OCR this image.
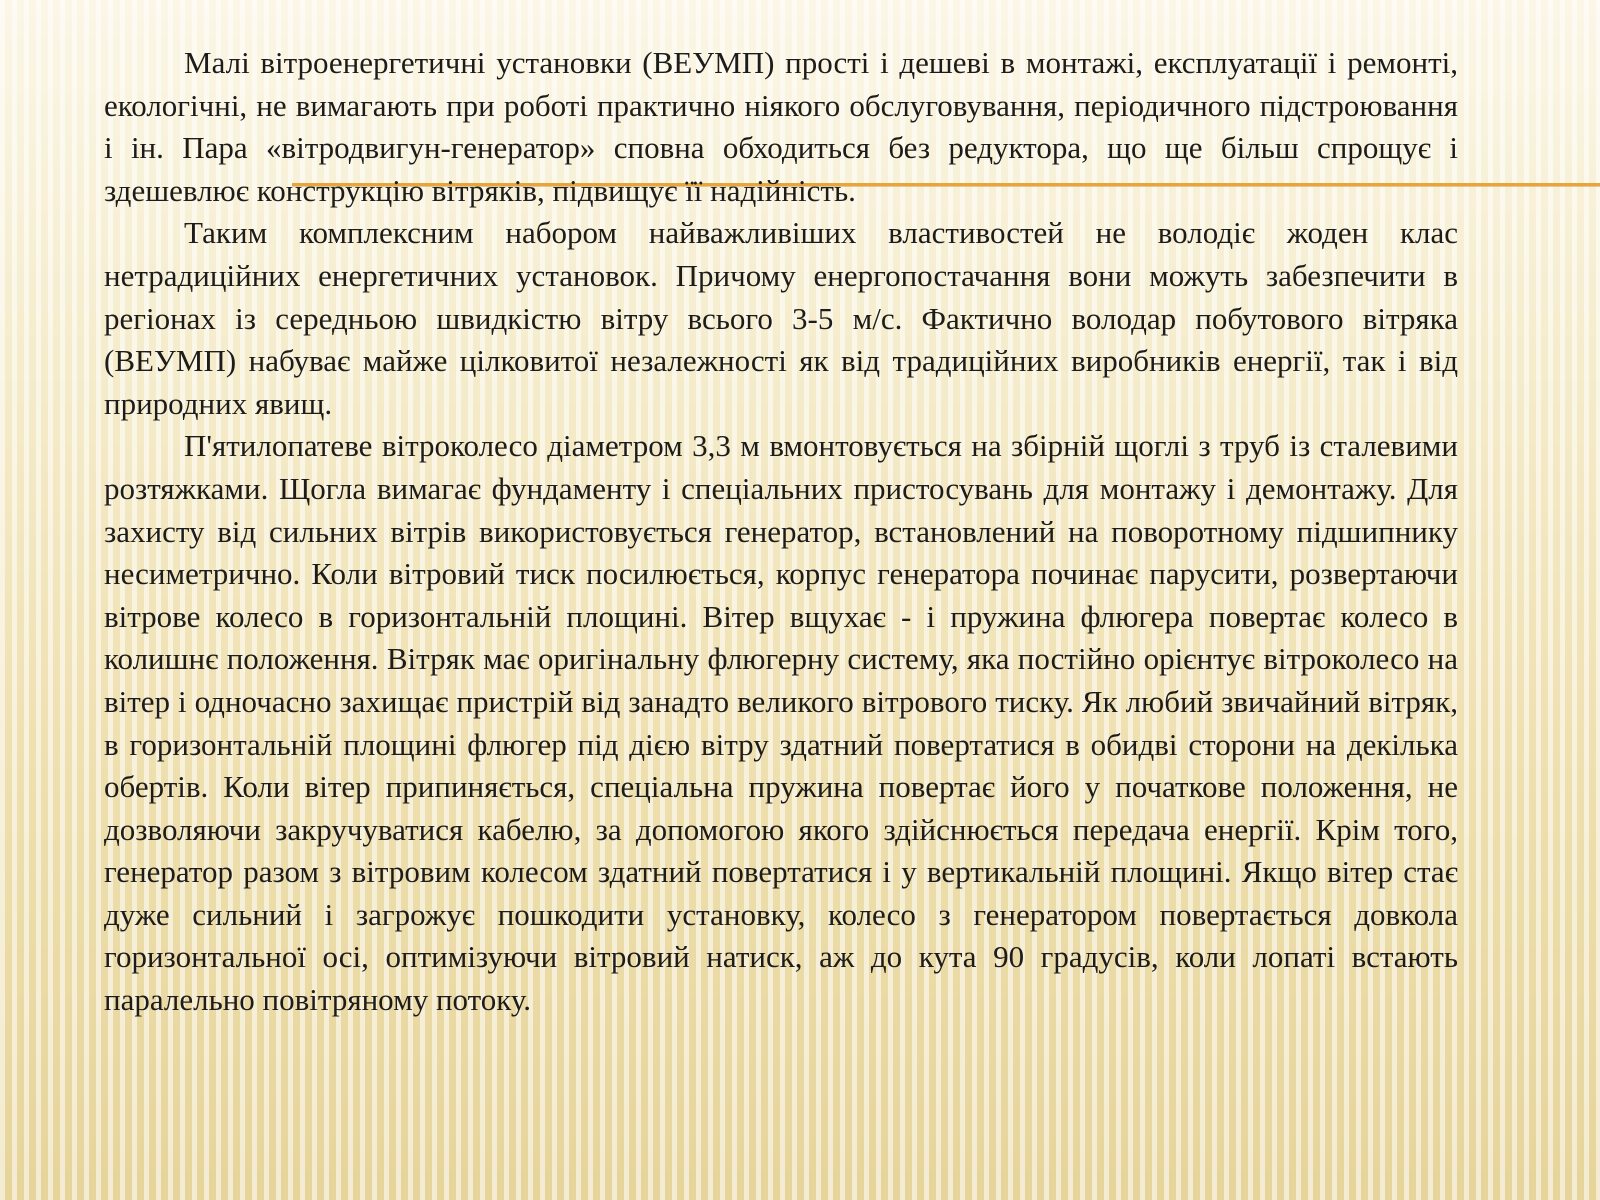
Малі вітроенергетичні установки (ВЕУМП) прості і дешеві в монтажі, експлуатації і ремонті, екологічні, не вимагають при роботі практично ніякого обслуговування, періодичного підстроювання і ін. Пара «вітродвигун-генератор» сповна обходиться без редуктора, що ще більш спрощує і здешевлює конструкцію вітряків, підвищує її надійність.

Таким комплексним набором найважливіших властивостей не володіє жоден клас нетрадиційних енергетичних установок. Причому енергопостачання вони можуть забезпечити в регіонах із середньою швидкістю вітру всього 3-5 м/с. Фактично володар побутового вітряка (ВЕУМП) набуває майже цілковитої незалежності як від традиційних виробників енергії, так і від природних явищ.

П'ятилопатеве вітроколесо діаметром 3,3 м вмонтовується на збірній щоглі з труб із сталевими розтяжками. Щогла вимагає фундаменту і спеціальних пристосувань для монтажу і демонтажу. Для захисту від сильних вітрів використовується генератор, встановлений на поворотному підшипнику несиметрично. Коли вітровий тиск посилюється, корпус генератора починає парусити, розвертаючи вітрове колесо в горизонтальній площині. Вітер вщухає - і пружина флюгера повертає колесо в колишнє положення. Вітряк має оригінальну флюгерну систему, яка постійно орієнтує вітроколесо на вітер і одночасно захищає пристрій від занадто великого вітрового тиску. Як любий звичайний вітряк, в горизонтальній площині флюгер під дією вітру здатний повертатися в обидві сторони на декілька обертів. Коли вітер припиняється, спеціальна пружина повертає його у початкове положення, не дозволяючи закручуватися кабелю, за допомогою якого здійснюється передача енергії. Крім того, генератор разом з вітровим колесом здатний повертатися і у вертикальній площині. Якщо вітер стає дуже сильний і загрожує пошкодити установку, колесо з генератором повертається довкола горизонтальної осі, оптимізуючи вітровий натиск, аж до кута 90 градусів, коли лопаті встають паралельно повітряному потоку.
